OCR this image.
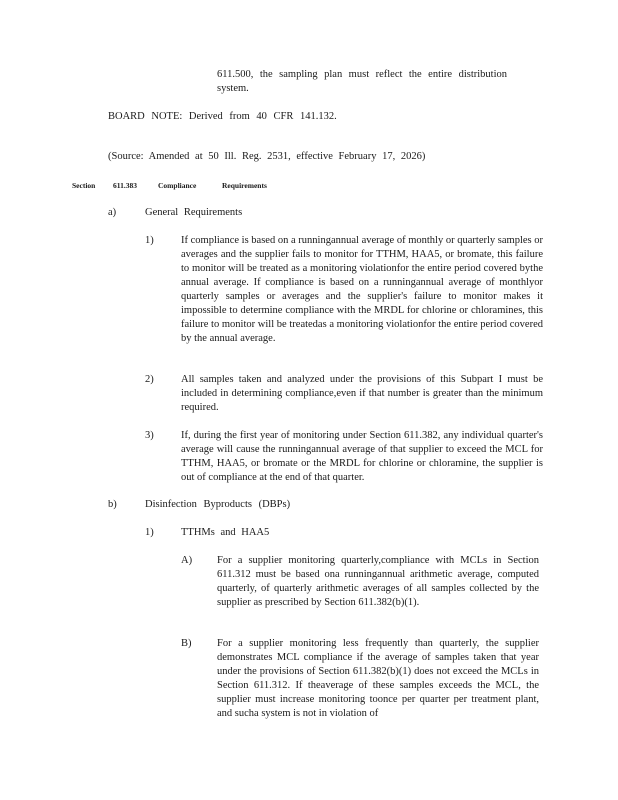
611.500, the sampling plan must reflect the entire distribution system.

BOARD NOTE: Derived from 40 CFR 141.132.

(Source: Amended at 50 Ill. Reg. 2531, effective February 17, 2026)

Section 611.383	Compliance	Requirements
a)	General Requirements
1)	If compliance is based on a runningannual average of monthly or quarterly samples or averages and the supplier fails to monitor for TTHM, HAA5, or bromate, this failure to monitor will be treated as a monitoring violationfor the entire period covered bythe annual average. If compliance is based on a runningannual average of monthlyor quarterly samples or averages and the supplier's failure to monitor makes it impossible to determine compliance with the MRDL for chlorine or chloramines, this failure to monitor will be treatedas a monitoring violationfor the entire period covered by the annual average.

2)	All samples taken and analyzed under the provisions of this Subpart I must be included in determining compliance,even if that number is greater than the minimum required.

3)	If, during the first year of monitoring under Section 611.382, any individual quarter's average will cause the runningannual average of that supplier to exceed the MCL for TTHM, HAA5, or bromate or the MRDL for chlorine or chloramine, the supplier is out of compliance at the end of that quarter.

b)	Disinfection Byproducts (DBPs)
1)	TTHMs and HAA5
A) For a supplier monitoring quarterly,compliance with MCLs in Section 611.312 must be based ona runningannual arithmetic average, computed quarterly, of quarterly arithmetic averages of all samples collected by the supplier as prescribed by Section 611.382(b)(1).

B) For a supplier monitoring less frequently than quarterly, the supplier demonstrates MCL compliance if the average of samples taken that year under the provisions of Section 611.382(b)(1) does not exceed the MCLs in Section 611.312. If theaverage of these samples exceeds the MCL, the supplier must increase monitoring toonce per quarter per treatment plant, and sucha system is not in violation of
